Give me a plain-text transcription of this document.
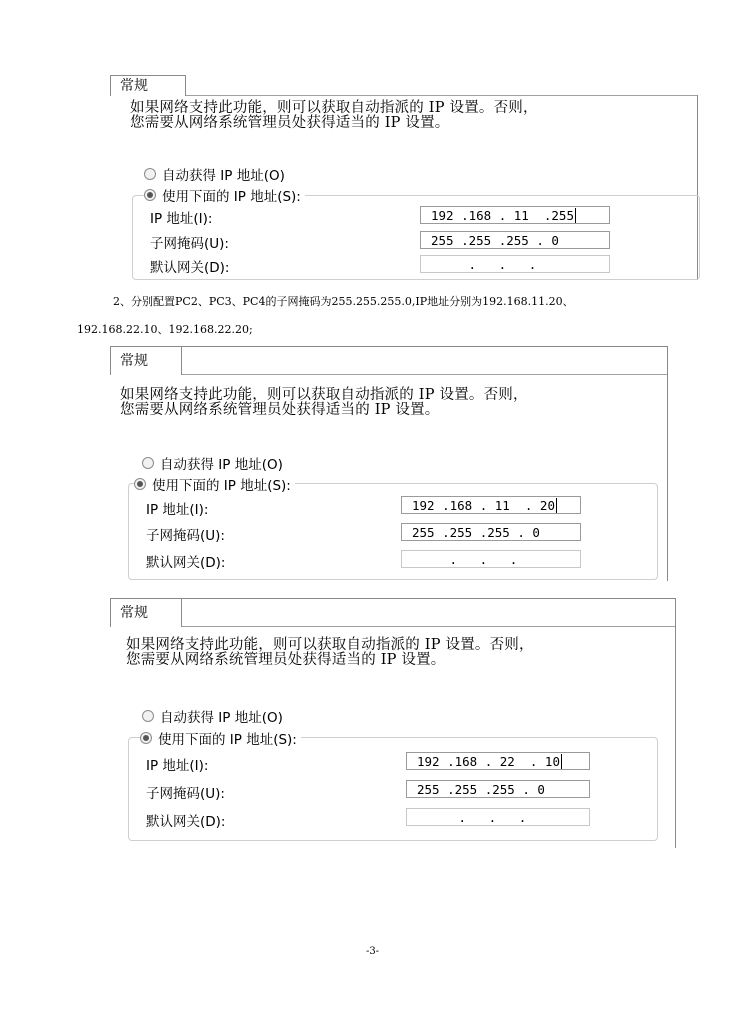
常规
如果网络支持此功能，则可以获取自动指派的 IP 设置。否则，
您需要从网络系统管理员处获得适当的 IP 设置。
自动获得 IP 地址(O)
使用下面的 IP 地址(S):
IP 地址(I):	192 .168 . 11  .255
子网掩码(U):	255 .255 .255 . 0
默认网关(D):	.   .   .
2、分别配置PC2、PC3、PC4的子网掩码为255.255.255.0,IP地址分别为192.168.11.20、
192.168.22.10、192.168.22.20;
常规
如果网络支持此功能，则可以获取自动指派的 IP 设置。否则，
您需要从网络系统管理员处获得适当的 IP 设置。
自动获得 IP 地址(O)
使用下面的 IP 地址(S):
IP 地址(I):	192 .168 . 11  . 20
子网掩码(U):	255 .255 .255 . 0
默认网关(D):	.   .   .
常规
如果网络支持此功能，则可以获取自动指派的 IP 设置。否则，
您需要从网络系统管理员处获得适当的 IP 设置。
自动获得 IP 地址(O)
使用下面的 IP 地址(S):
IP 地址(I):	192 .168 . 22  . 10
子网掩码(U):	255 .255 .255 . 0
默认网关(D):	.   .   .
-3-
